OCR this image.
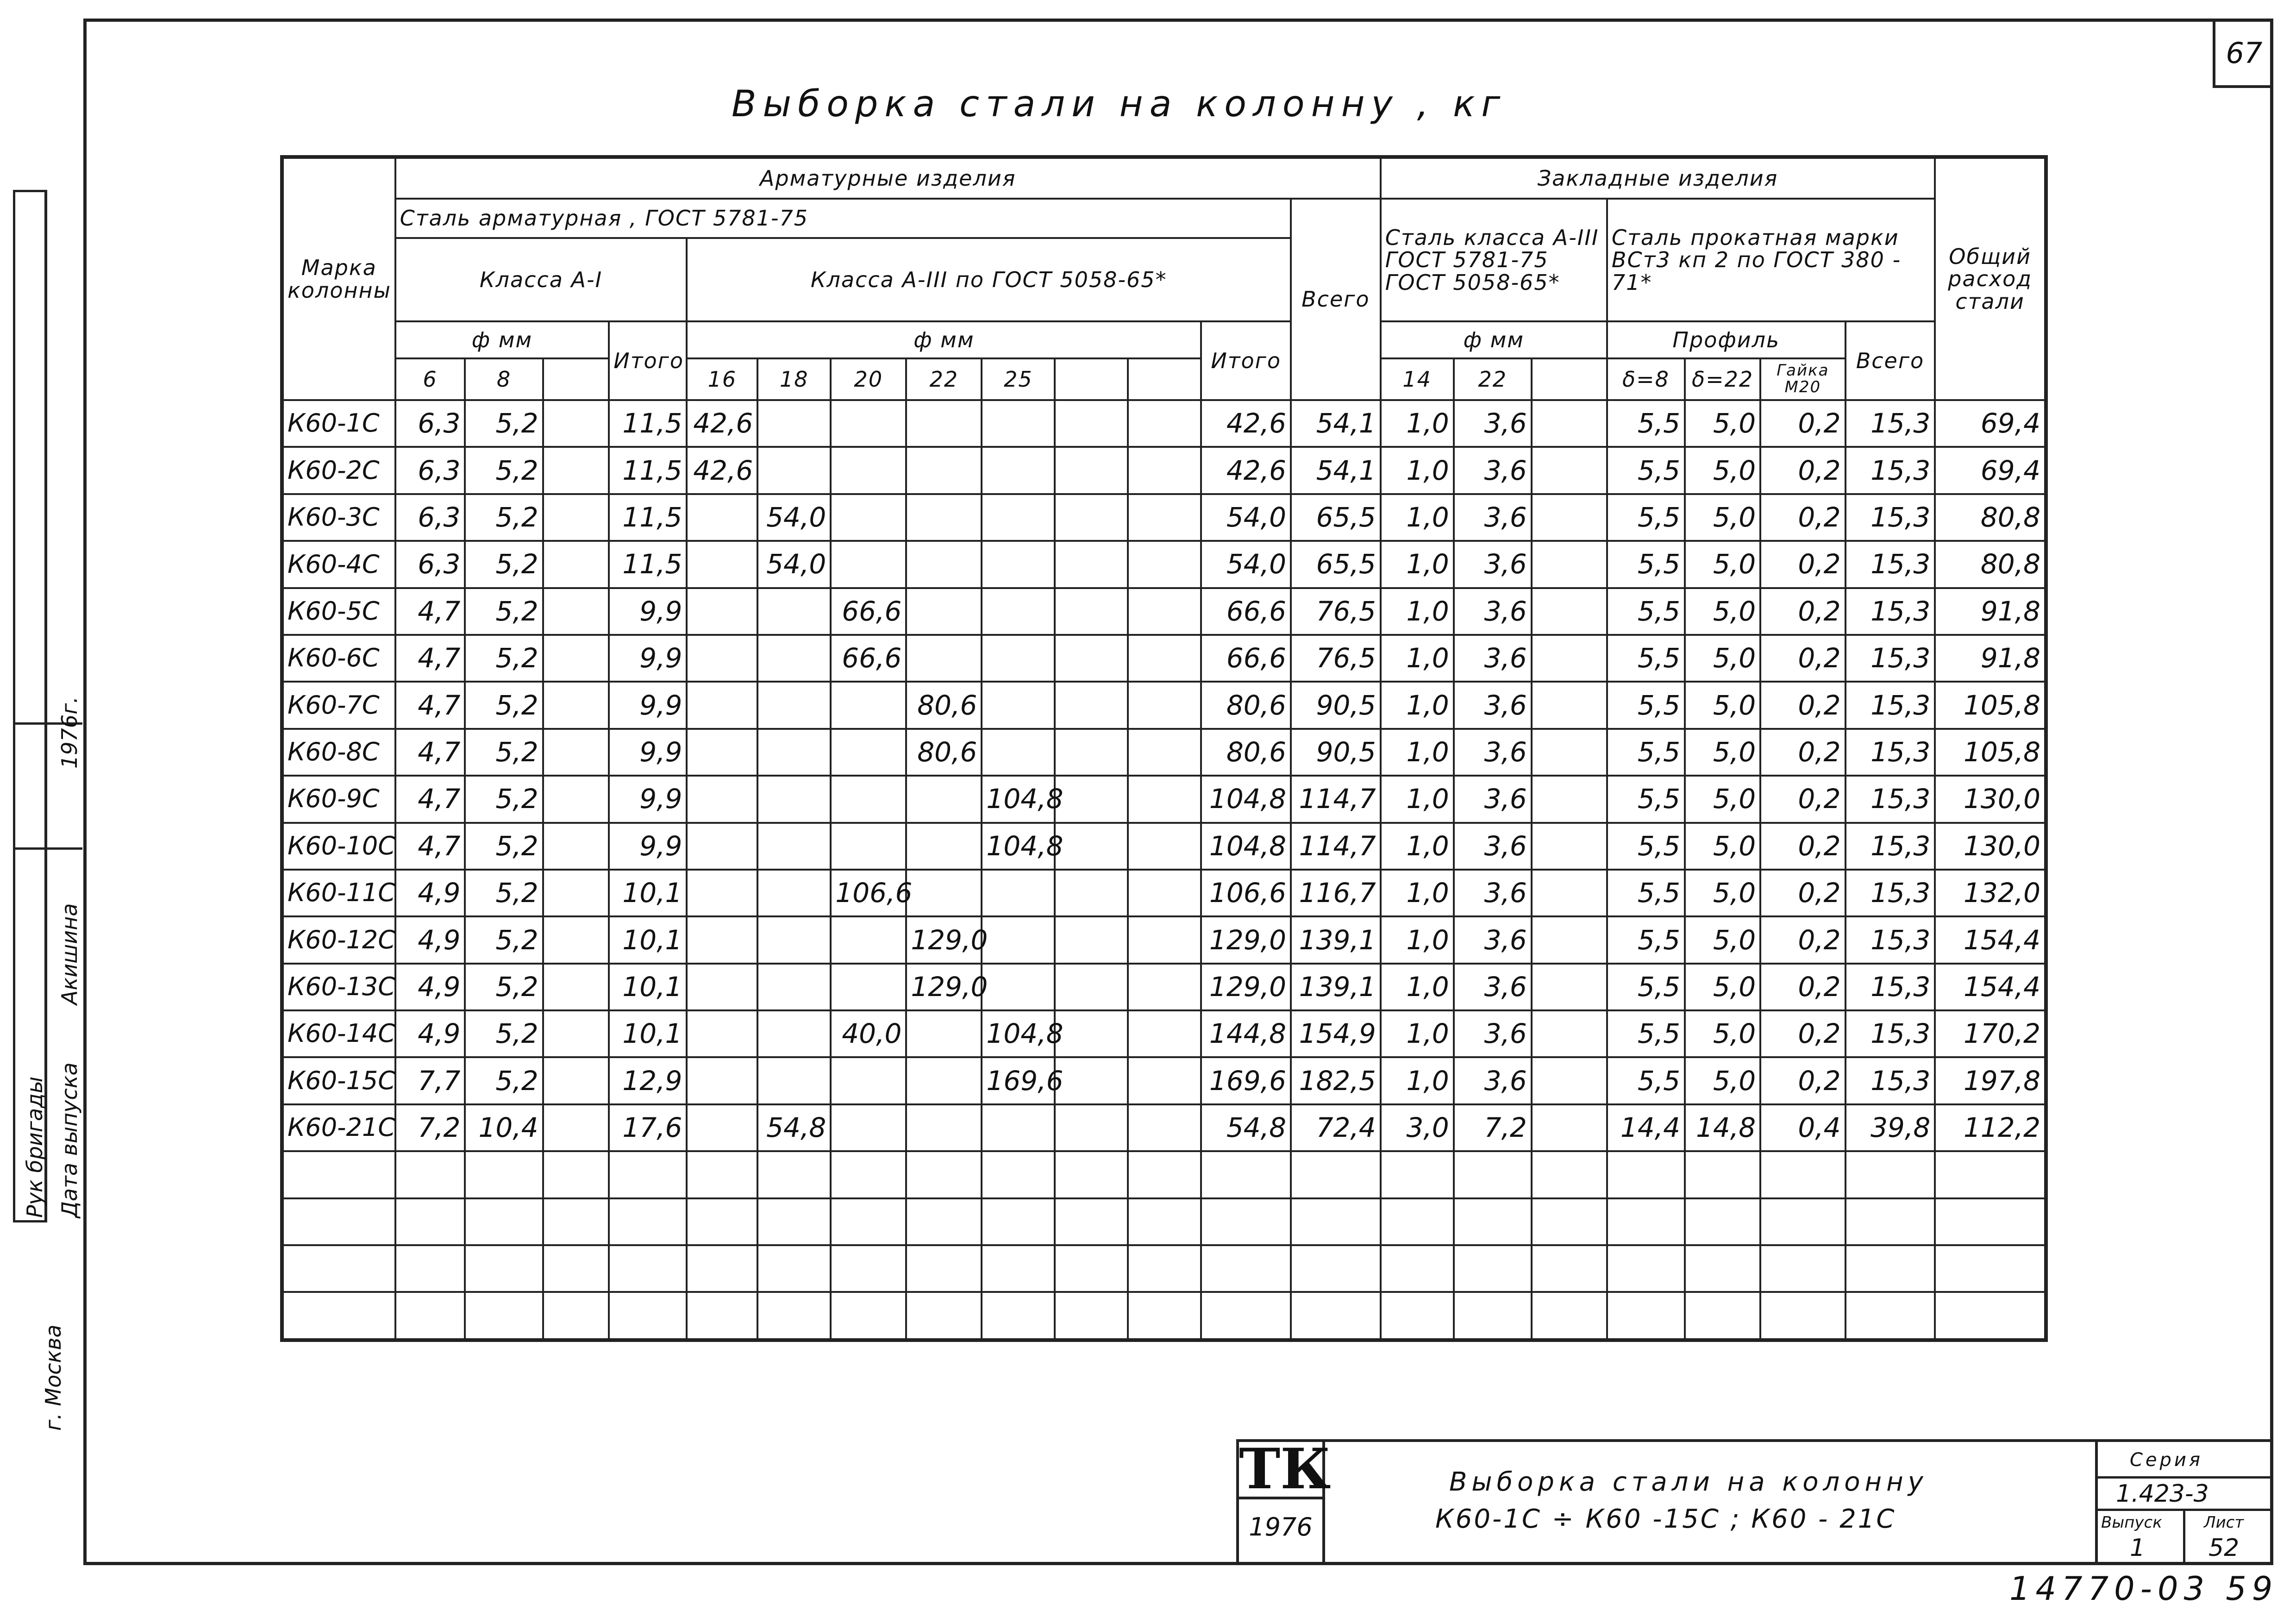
67
1976г.
Акишина
Рук бригады Дата выпуска
г. Москва
Выборка стали на колонну , кг
Марка колонны	Арматурные изделия													Закладные изделия							Общий расход стали
	Сталь арматурная , ГОСТ 5781-75												Всего	Сталь класса А-III ГОСТ 5781-75 ГОСТ 5058-65*			Сталь прокатная марки ВСт3 кп 2 по ГОСТ 380 - 71*				
	Класса А-I				Класса А-III по ГОСТ 5058-65*																
	ф мм			Итого	ф мм							Итого		ф мм			Профиль			Всего	
	6	8			16	18	20	22	25					14	22		δ=8	δ=22	Гайка М20		
К60-1С	6,3	5,2		11,5	42,6							42,6	54,1	1,0	3,6		5,5	5,0	0,2	15,3	69,4
К60-2С	6,3	5,2		11,5	42,6							42,6	54,1	1,0	3,6		5,5	5,0	0,2	15,3	69,4
К60-3С	6,3	5,2		11,5		54,0						54,0	65,5	1,0	3,6		5,5	5,0	0,2	15,3	80,8
К60-4С	6,3	5,2		11,5		54,0						54,0	65,5	1,0	3,6		5,5	5,0	0,2	15,3	80,8
К60-5С	4,7	5,2		9,9			66,6					66,6	76,5	1,0	3,6		5,5	5,0	0,2	15,3	91,8
К60-6С	4,7	5,2		9,9			66,6					66,6	76,5	1,0	3,6		5,5	5,0	0,2	15,3	91,8
К60-7С	4,7	5,2		9,9				80,6				80,6	90,5	1,0	3,6		5,5	5,0	0,2	15,3	105,8
К60-8С	4,7	5,2		9,9				80,6				80,6	90,5	1,0	3,6		5,5	5,0	0,2	15,3	105,8
К60-9С	4,7	5,2		9,9					104,8			104,8	114,7	1,0	3,6		5,5	5,0	0,2	15,3	130,0
К60-10С	4,7	5,2		9,9					104,8			104,8	114,7	1,0	3,6		5,5	5,0	0,2	15,3	130,0
К60-11С	4,9	5,2		10,1			106,6					106,6	116,7	1,0	3,6		5,5	5,0	0,2	15,3	132,0
К60-12С	4,9	5,2		10,1				129,0				129,0	139,1	1,0	3,6		5,5	5,0	0,2	15,3	154,4
К60-13С	4,9	5,2		10,1				129,0				129,0	139,1	1,0	3,6		5,5	5,0	0,2	15,3	154,4
К60-14С	4,9	5,2		10,1			40,0		104,8			144,8	154,9	1,0	3,6		5,5	5,0	0,2	15,3	170,2
К60-15С	7,7	5,2		12,9					169,6			169,6	182,5	1,0	3,6		5,5	5,0	0,2	15,3	197,8
К60-21С	7,2	10,4		17,6		54,8						54,8	72,4	3,0	7,2		14,4	14,8	0,4	39,8	112,2

ТК
1976
Выборка стали на колонну
К60-1С ÷ К60 -15С ; К60 - 21С
Серия
1.423-3
Выпуск
1
Лист
52
14770-03 59
